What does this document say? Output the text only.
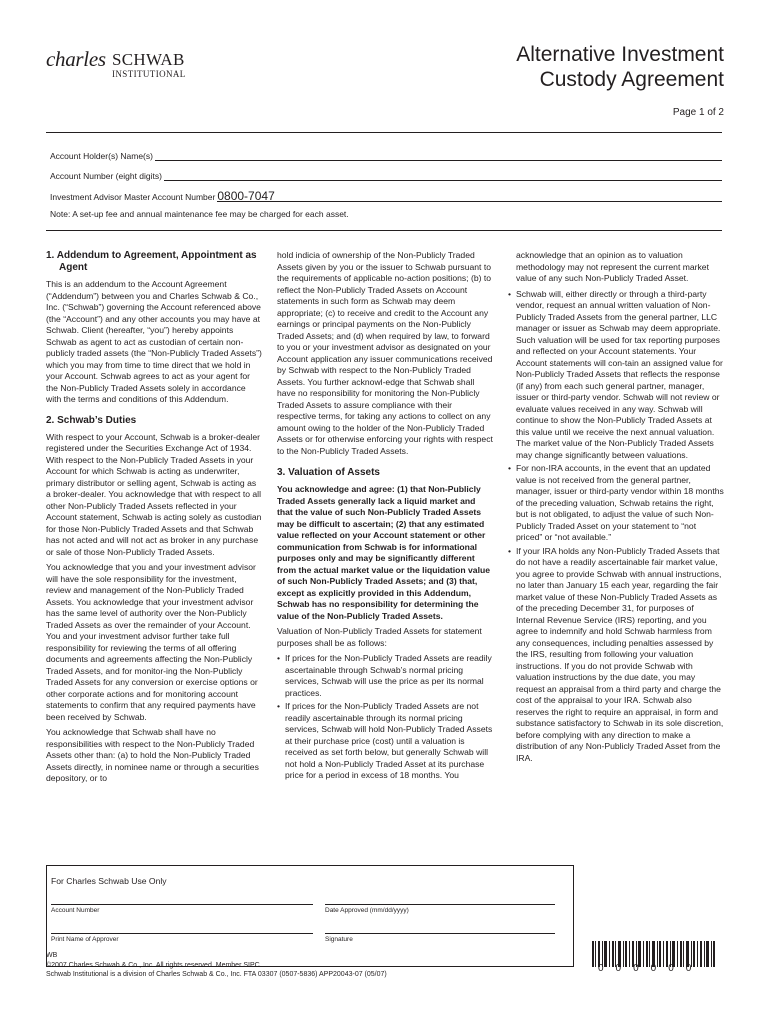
charles SCHWAB
INSTITUTIONAL
Alternative Investment
Custody Agreement
Page 1 of 2
Account Holder(s) Name(s)
Account Number (eight digits)
Investment Advisor Master Account Number 0800-7047
Note: A set-up fee and annual maintenance fee may be charged for each asset.
1. Addendum to Agreement, Appointment as Agent

This is an addendum to the Account Agreement (“Addendum”) between you and Charles Schwab & Co., Inc. (“Schwab”) governing the Account referenced above (the “Account”) and any other accounts you may have at Schwab. Client (hereafter, “you”) hereby appoints Schwab as agent to act as custodian of certain non-publicly traded assets (the “Non-Publicly Traded Assets”) which you may from time to time direct that we hold in your Account. Schwab agrees to act as your agent for the Non-Publicly Traded Assets solely in accordance with the terms and conditions of this Addendum.

2. Schwab’s Duties

With respect to your Account, Schwab is a broker-dealer registered under the Securities Exchange Act of 1934. With respect to the Non-Publicly Traded Assets in your Account for which Schwab is acting as underwriter, primary distributor or selling agent, Schwab is acting as a broker-dealer. You acknowledge that with respect to all other Non-Publicly Traded Assets reflected in your Account statement, Schwab is acting solely as custodian for those Non-Publicly Traded Assets and that Schwab has not acted and will not act as broker in any purchase or sale of those Non-Publicly Traded Assets.

You acknowledge that you and your investment advisor will have the sole responsibility for the investment, review and management of the Non-Publicly Traded Assets. You acknowledge that your investment advisor has the same level of authority over the Non-Publicly Traded Assets as over the remainder of your Account. You and your investment advisor further take full responsibility for reviewing the terms of all offering documents and agreements affecting the Non-Publicly Traded Assets, and for monitor-ing the Non-Publicly Traded Assets for any conversion or exercise options or other corporate actions and for monitoring account statements to confirm that any required payments have been received by Schwab.

You acknowledge that Schwab shall have no responsibilities with respect to the Non-Publicly Traded Assets other than: (a) to hold the Non-Publicly Traded Assets directly, in nominee name or through a securities depository, or to

hold indicia of ownership of the Non-Publicly Traded Assets given by you or the issuer to Schwab pursuant to the requirements of applicable no-action positions; (b) to reflect the Non-Publicly Traded Assets on Account statements in such form as Schwab may deem appropriate; (c) to receive and credit to the Account any earnings or principal payments on the Non-Publicly Traded Assets; and (d) when required by law, to forward to you or your investment advisor as designated on your Account application any issuer communications received by Schwab with respect to the Non-Publicly Traded Assets. You further acknowl-edge that Schwab shall have no responsibility for monitoring the Non-Publicly Traded Assets to assure compliance with their respective terms, for taking any actions to collect on any amount owing to the holder of the Non-Publicly Traded Assets or for otherwise enforcing your rights with respect to the Non-Publicly Traded Assets.

3. Valuation of Assets

You acknowledge and agree: (1) that Non-Publicly Traded Assets generally lack a liquid market and that the value of such Non-Publicly Traded Assets may be difficult to ascertain; (2) that any estimated value reflected on your Account statement or other communication from Schwab is for informational purposes only and may be significantly different from the actual market value or the liquidation value of such Non-Publicly Traded Assets; and (3) that, except as explicitly provided in this Addendum, Schwab has no responsibility for determining the value of the Non-Publicly Traded Assets.

Valuation of Non-Publicly Traded Assets for statement purposes shall be as follows:

• If prices for the Non-Publicly Traded Assets are readily ascertainable through Schwab’s normal pricing services, Schwab will use the price as per its normal practices.
• If prices for the Non-Publicly Traded Assets are not readily ascertainable through its normal pricing services, Schwab will hold Non-Publicly Traded Assets at their purchase price (cost) until a valuation is received as set forth below, but generally Schwab will not hold a Non-Publicly Traded Asset at its purchase price for a period in excess of 18 months. You

acknowledge that an opinion as to valuation methodology may not represent the current market value of any such Non-Publicly Traded Asset.

• Schwab will, either directly or through a third-party vendor, request an annual written valuation of Non-Publicly Traded Assets from the general partner, LLC manager or issuer as Schwab may deem appropriate. Such valuation will be used for tax reporting purposes and reflected on your Account statements. Your Account statements will con-tain an assigned value for Non-Publicly Traded Assets that reflects the response (if any) from each such general partner, manager, issuer or third-party vendor. Schwab will not review or evaluate values received in any way. Schwab will continue to show the Non-Publicly Traded Assets at this value until we receive the next annual valuation. The market value of the Non-Publicly Traded Assets may change significantly between valuations.
• For non-IRA accounts, in the event that an updated value is not received from the general partner, manager, issuer or third-party vendor within 18 months of the preceding valuation, Schwab retains the right, but is not obligated, to adjust the value of such Non-Publicly Traded Asset on your statement to “not priced” or “not available.”
• If your IRA holds any Non-Publicly Traded Assets that do not have a readily ascertainable fair market value, you agree to provide Schwab with annual instructions, no later than January 15 each year, regarding the fair market value of these Non-Publicly Traded Assets as of the preceding December 31, for purposes of Internal Revenue Service (IRS) reporting, and you agree to indemnify and hold Schwab harmless from any consequences, including penalties assessed by the IRS, resulting from following your valuation instructions. If you do not provide Schwab with valuation instructions by the due date, you may request an appraisal from a third party and charge the cost of the appraisal to your IRA. Schwab also reserves the right to require an appraisal, in form and substance satisfactory to Schwab in its sole discretion, before complying with any direction to make a distribution of any Non-Publicly Traded Asset from the IRA.
For Charles Schwab Use Only
Account Number	Date Approved (mm/dd/yyyy)
Print Name of Approver	Signature
WB
©2007 Charles Schwab & Co., Inc. All rights reserved. Member SIPC.
Schwab Institutional is a division of Charles Schwab & Co., Inc. FTA 03307 (0507-5836) APP20043-07 (05/07)
000000
